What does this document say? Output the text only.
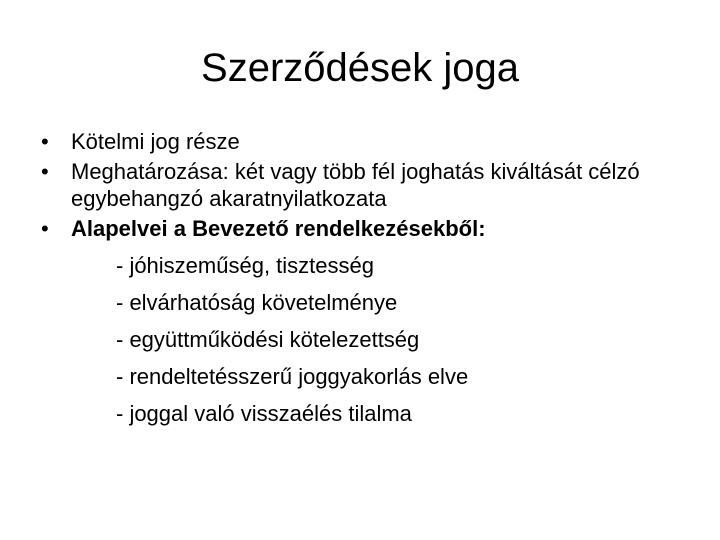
Szerződések joga
• Kötelmi jog része
• Meghatározása: két vagy több fél joghatás kiváltását célzó egybehangzó akaratnyilatkozata
• Alapelvei a Bevezető rendelkezésekből:
- jóhiszeműség, tisztesség
- elvárhatóság követelménye
- együttműködési kötelezettség
- rendeltetésszerű joggyakorlás elve
- joggal való visszaélés tilalma
